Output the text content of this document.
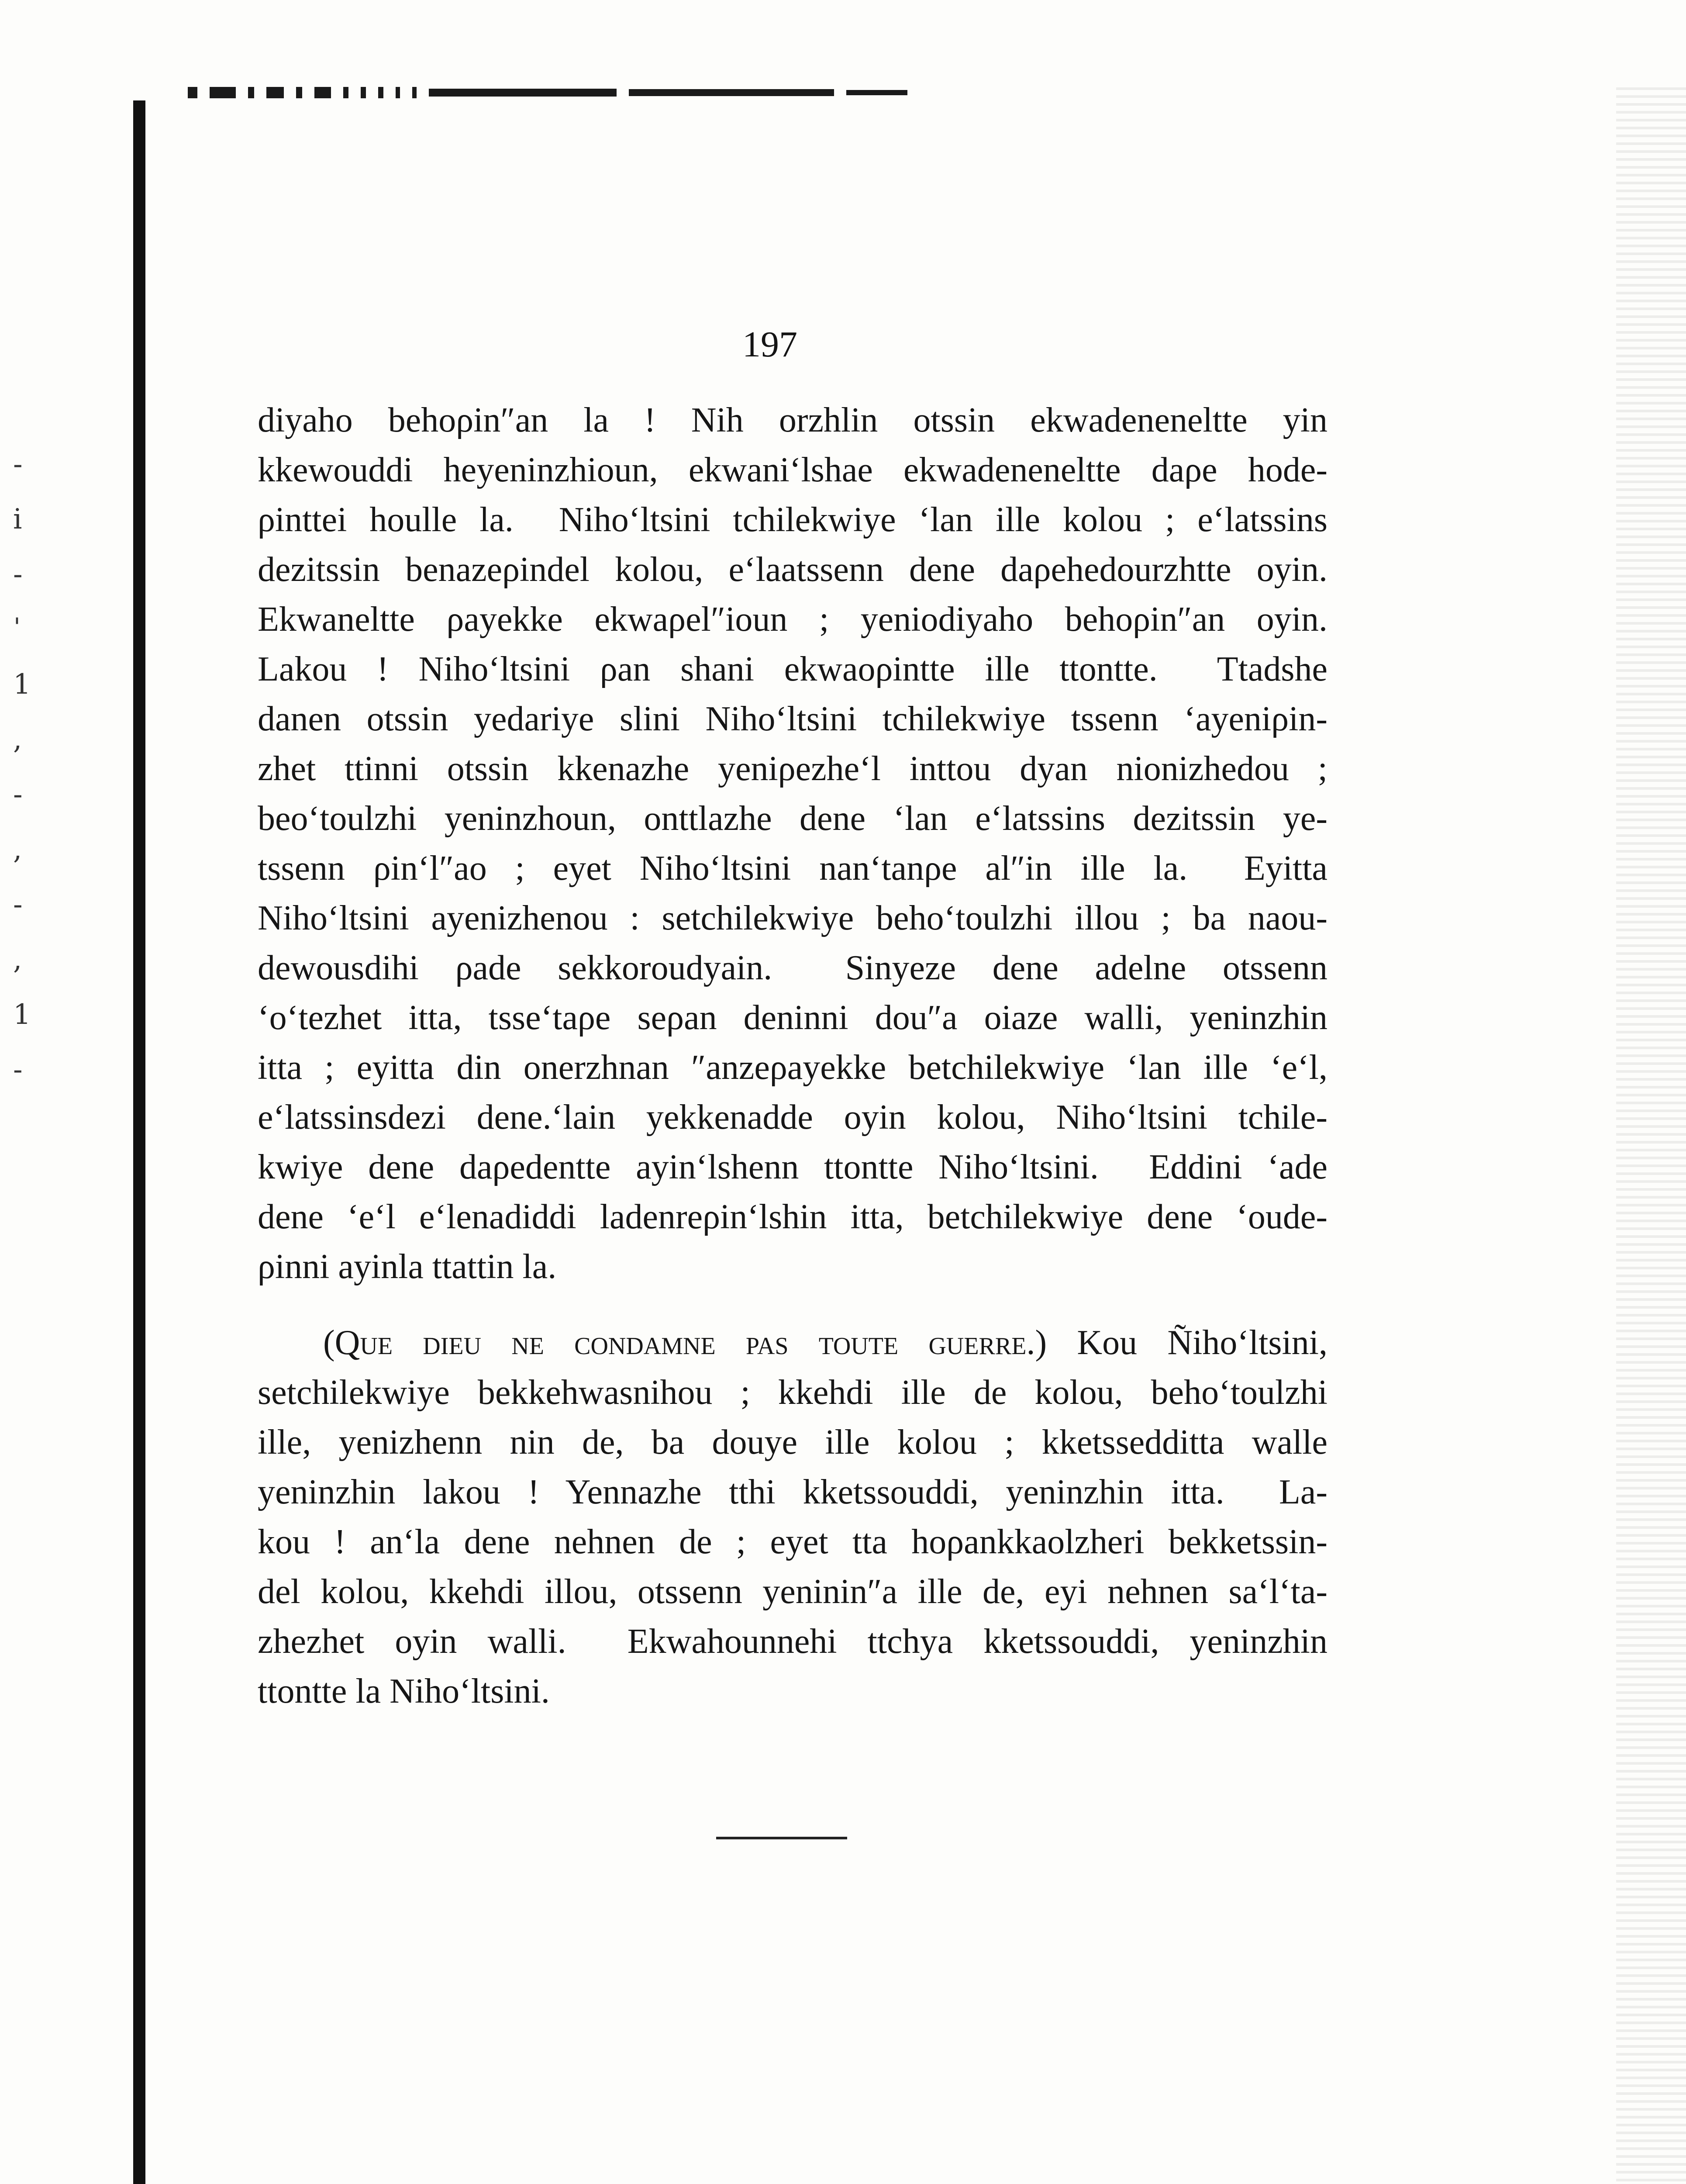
-
i
-
ˈ
1
,
-
,
-
,
1
-
197
diyaho behoρin″an la ! Nih orzhlin otssin ekwadeneneltte yin
kkewouddi heyeninzhioun, ekwaniʻlshae ekwadeneneltte daρe hode-
ρinttei houlle la.  Nihoʻltsini tchilekwiye ʻlan ille kolou ; eʻlatssins
dezitssin benazeρindel kolou, eʻlaatssenn dene daρehedourzhtte oyin.
Ekwaneltte ρayekke ekwaρel″ioun ; yeniodiyaho behoρin″an oyin.
Lakou ! Nihoʻltsini ρan shani ekwaoρintte ille ttontte.  Ttadshe
danen otssin yedariye slini Nihoʻltsini tchilekwiye tssenn ʻayeniρin-
zhet ttinni otssin kkenazhe yeniρezheʻl inttou dyan nionizhedou ;
beoʻtoulzhi yeninzhoun, onttlazhe dene ʻlan eʻlatssins dezitssin ye-
tssenn ρinʻl″ao ; eyet Nihoʻltsini nanʻtanρe al″in ille la.  Eyitta
Nihoʻltsini ayenizhenou : setchilekwiye behoʻtoulzhi illou ; ba naou-
dewousdihi ρade sekkoroudyain.  Sinyeze dene adelne otssenn
ʻoʻtezhet itta, tsseʻtaρe seρan deninni dou″a oiaze walli, yeninzhin
itta ; eyitta din onerzhnan ″anzeρayekke betchilekwiye ʻlan ille ʻeʻl,
eʻlatssinsdezi dene.ʻlain yekkenadde oyin kolou, Nihoʻltsini tchile-
kwiye dene daρedentte ayinʻlshenn ttontte Nihoʻltsini.  Eddini ʻade
dene ʻeʻl eʻlenadiddi ladenreρinʻlshin itta, betchilekwiye dene ʻoude-
ρinni ayinla ttattin la.
(Que dieu ne condamne pas toute guerre.) Kou Ñihoʻltsini,
setchilekwiye bekkehwasnihou ; kkehdi ille de kolou, behoʻtoulzhi
ille, yenizhenn nin de, ba douye ille kolou ; kketssedditta walle
yeninzhin lakou ! Yennazhe tthi kketssouddi, yeninzhin itta.  La-
kou ! anʻla dene nehnen de ; eyet tta hoρankkaolzheri bekketssin-
del kolou, kkehdi illou, otssenn yeninin″a ille de, eyi nehnen saʻlʻta-
zhezhet oyin walli.  Ekwahounnehi ttchya kketssouddi, yeninzhin
ttontte la Nihoʻltsini.
